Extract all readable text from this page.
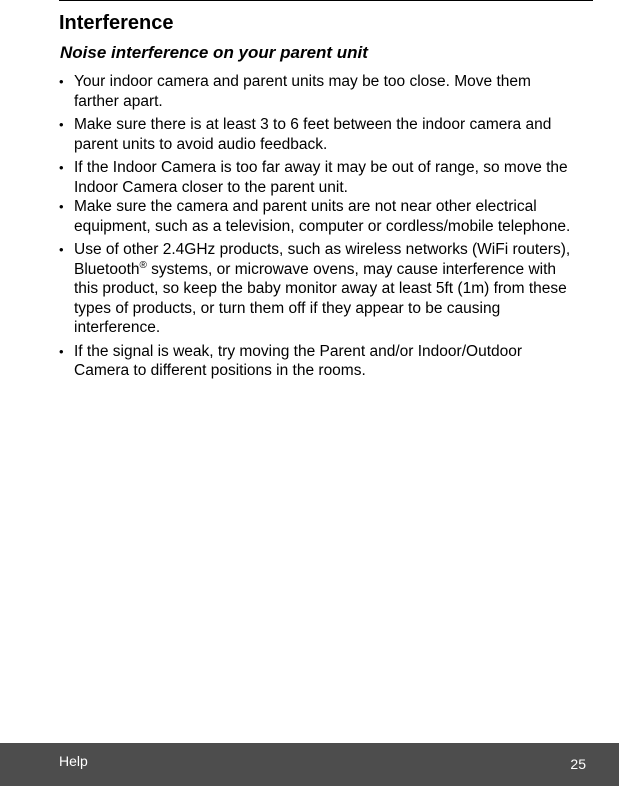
Interference
Noise interference on your parent unit
• Your indoor camera and parent units may be too close. Move them farther apart.
• Make sure there is at least 3 to 6 feet between the indoor camera and parent units to avoid audio feedback.
• If the Indoor Camera is too far away it may be out of range, so move the Indoor Camera closer to the parent unit.
• Make sure the camera and parent units are not near other electrical equipment, such as a television, computer or cordless/mobile telephone.
• Use of other 2.4GHz products, such as wireless networks (WiFi routers), Bluetooth® systems, or microwave ovens, may cause interference with this product, so keep the baby monitor away at least 5ft (1m) from these types of products, or turn them off if they appear to be causing interference.
• If the signal is weak, try moving the Parent and/or Indoor/Outdoor Camera to different positions in the rooms.
Help	25
